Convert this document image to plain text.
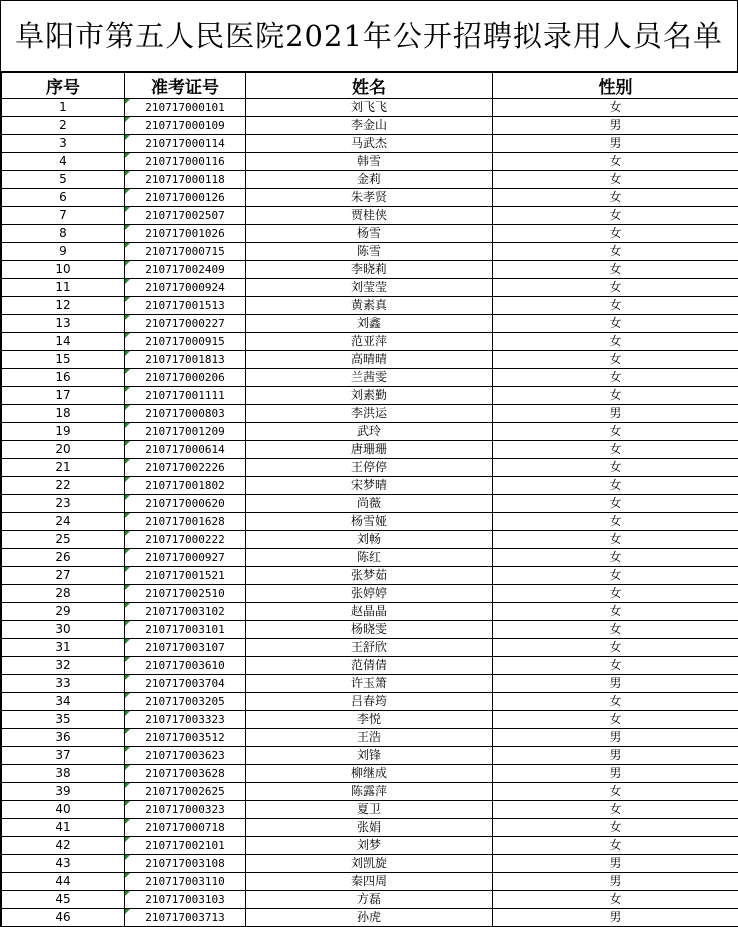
阜阳市第五人民医院2021年公开招聘拟录用人员名单
序号	准考证号	姓名	性别
1	210717000101	刘飞飞	女
2	210717000109	李金山	男
3	210717000114	马武杰	男
4	210717000116	韩雪	女
5	210717000118	金莉	女
6	210717000126	朱孝贤	女
7	210717002507	贾桂侠	女
8	210717001026	杨雪	女
9	210717000715	陈雪	女
10	210717002409	李晓莉	女
11	210717000924	刘莹莹	女
12	210717001513	黄素真	女
13	210717000227	刘鑫	女
14	210717000915	范亚萍	女
15	210717001813	高晴晴	女
16	210717000206	兰茜雯	女
17	210717001111	刘素勤	女
18	210717000803	李洪运	男
19	210717001209	武玲	女
20	210717000614	唐珊珊	女
21	210717002226	王停停	女
22	210717001802	宋梦晴	女
23	210717000620	尚薇	女
24	210717001628	杨雪娅	女
25	210717000222	刘畅	女
26	210717000927	陈红	女
27	210717001521	张梦茹	女
28	210717002510	张婷婷	女
29	210717003102	赵晶晶	女
30	210717003101	杨晓雯	女
31	210717003107	王舒欣	女
32	210717003610	范倩倩	女
33	210717003704	许玉箫	男
34	210717003205	吕春筠	女
35	210717003323	李悦	女
36	210717003512	王浩	男
37	210717003623	刘锋	男
38	210717003628	柳继成	男
39	210717002625	陈露萍	女
40	210717000323	夏卫	女
41	210717000718	张娟	女
42	210717002101	刘梦	女
43	210717003108	刘凯旋	男
44	210717003110	秦四周	男
45	210717003103	方磊	女
46	210717003713	孙虎	男
